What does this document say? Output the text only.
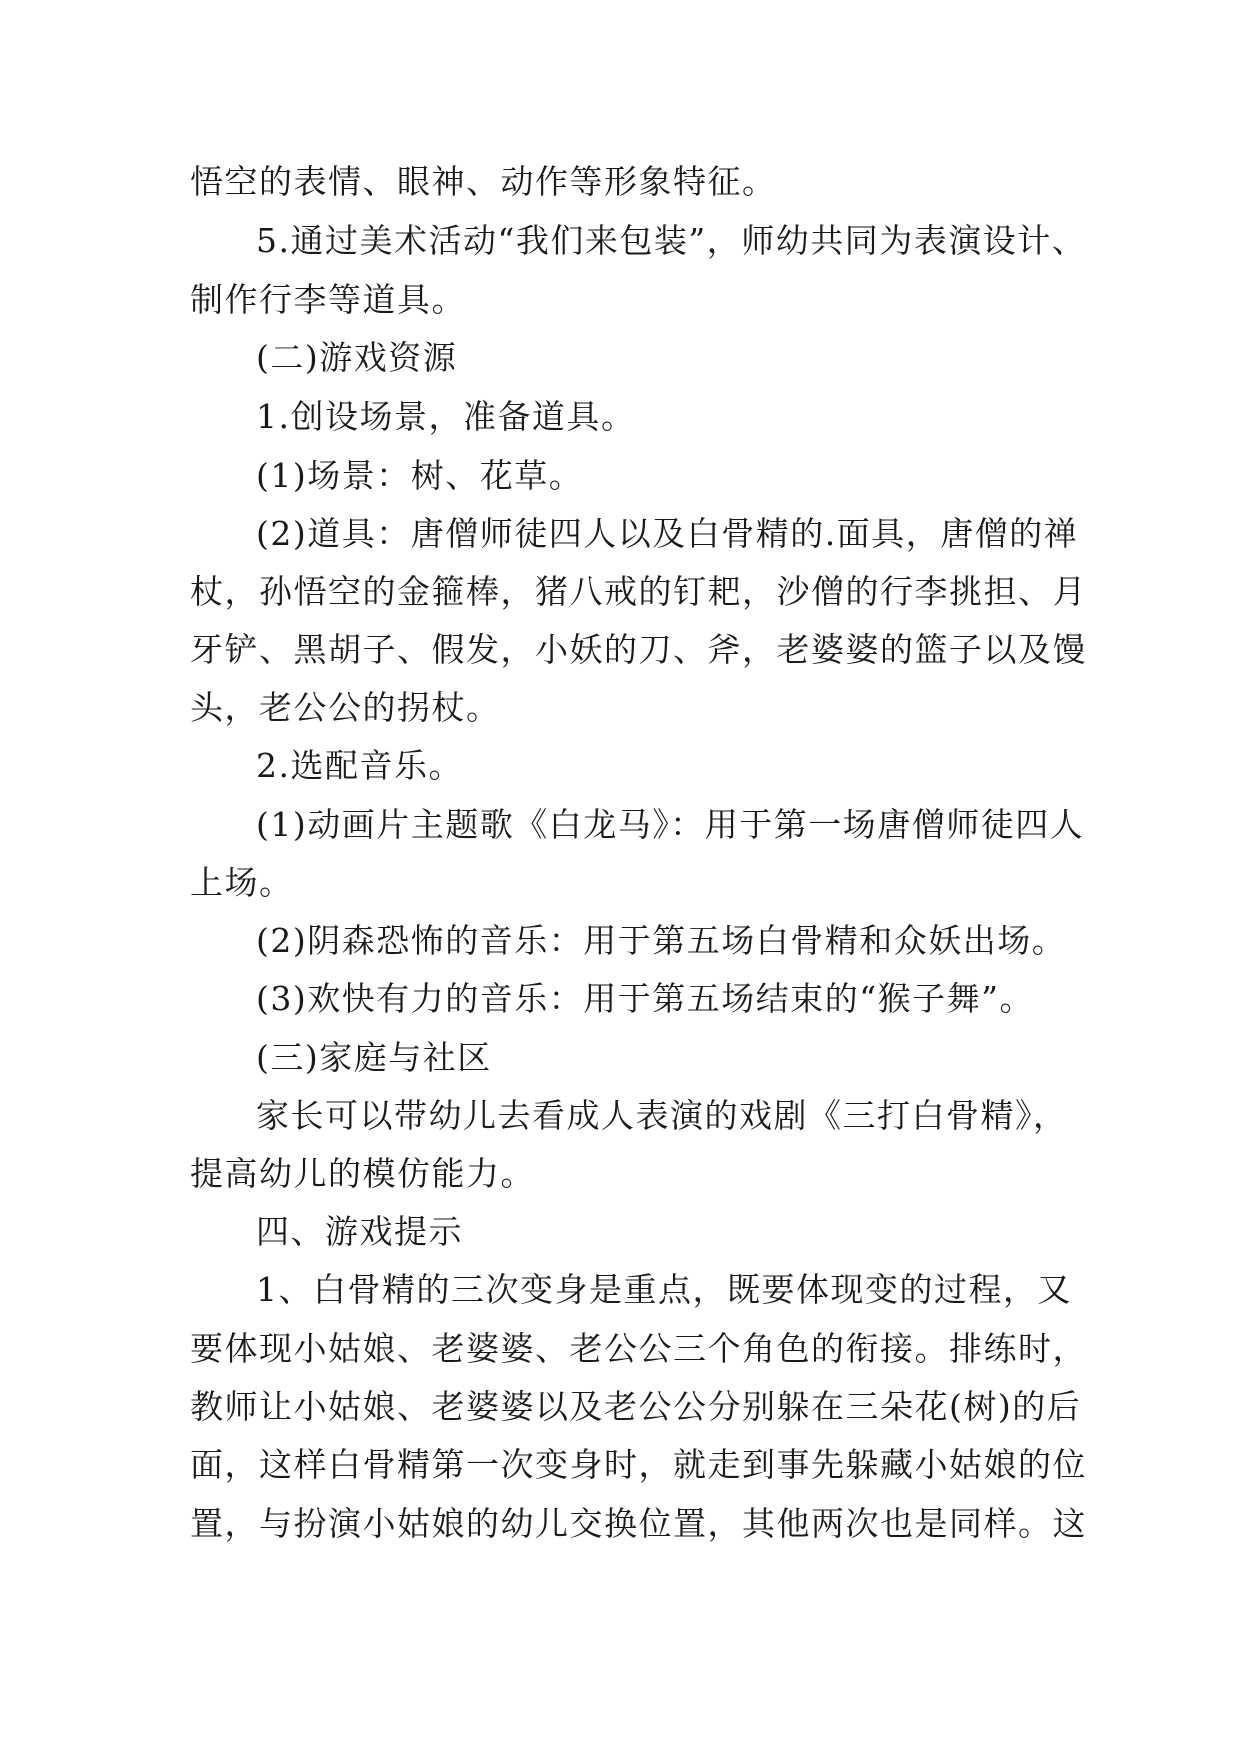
悟空的表情、眼神、动作等形象特征。
5.通过美术活动“我们来包装”，师幼共同为表演设计、
制作行李等道具。
(二)游戏资源
1.创设场景，准备道具。
(1)场景：树、花草。
(2)道具：唐僧师徒四人以及白骨精的.面具，唐僧的禅
杖，孙悟空的金箍棒，猪八戒的钉耙，沙僧的行李挑担、月
牙铲、黑胡子、假发，小妖的刀、斧，老婆婆的篮子以及馒
头，老公公的拐杖。
2.选配音乐。
(1)动画片主题歌《白龙马》：用于第一场唐僧师徒四人
上场。
(2)阴森恐怖的音乐：用于第五场白骨精和众妖出场。
(3)欢快有力的音乐：用于第五场结束的“猴子舞”。
(三)家庭与社区
家长可以带幼儿去看成人表演的戏剧《三打白骨精》，
提高幼儿的模仿能力。
四、游戏提示
1、白骨精的三次变身是重点，既要体现变的过程，又
要体现小姑娘、老婆婆、老公公三个角色的衔接。排练时，
教师让小姑娘、老婆婆以及老公公分别躲在三朵花(树)的后
面，这样白骨精第一次变身时，就走到事先躲藏小姑娘的位
置，与扮演小姑娘的幼儿交换位置，其他两次也是同样。这
